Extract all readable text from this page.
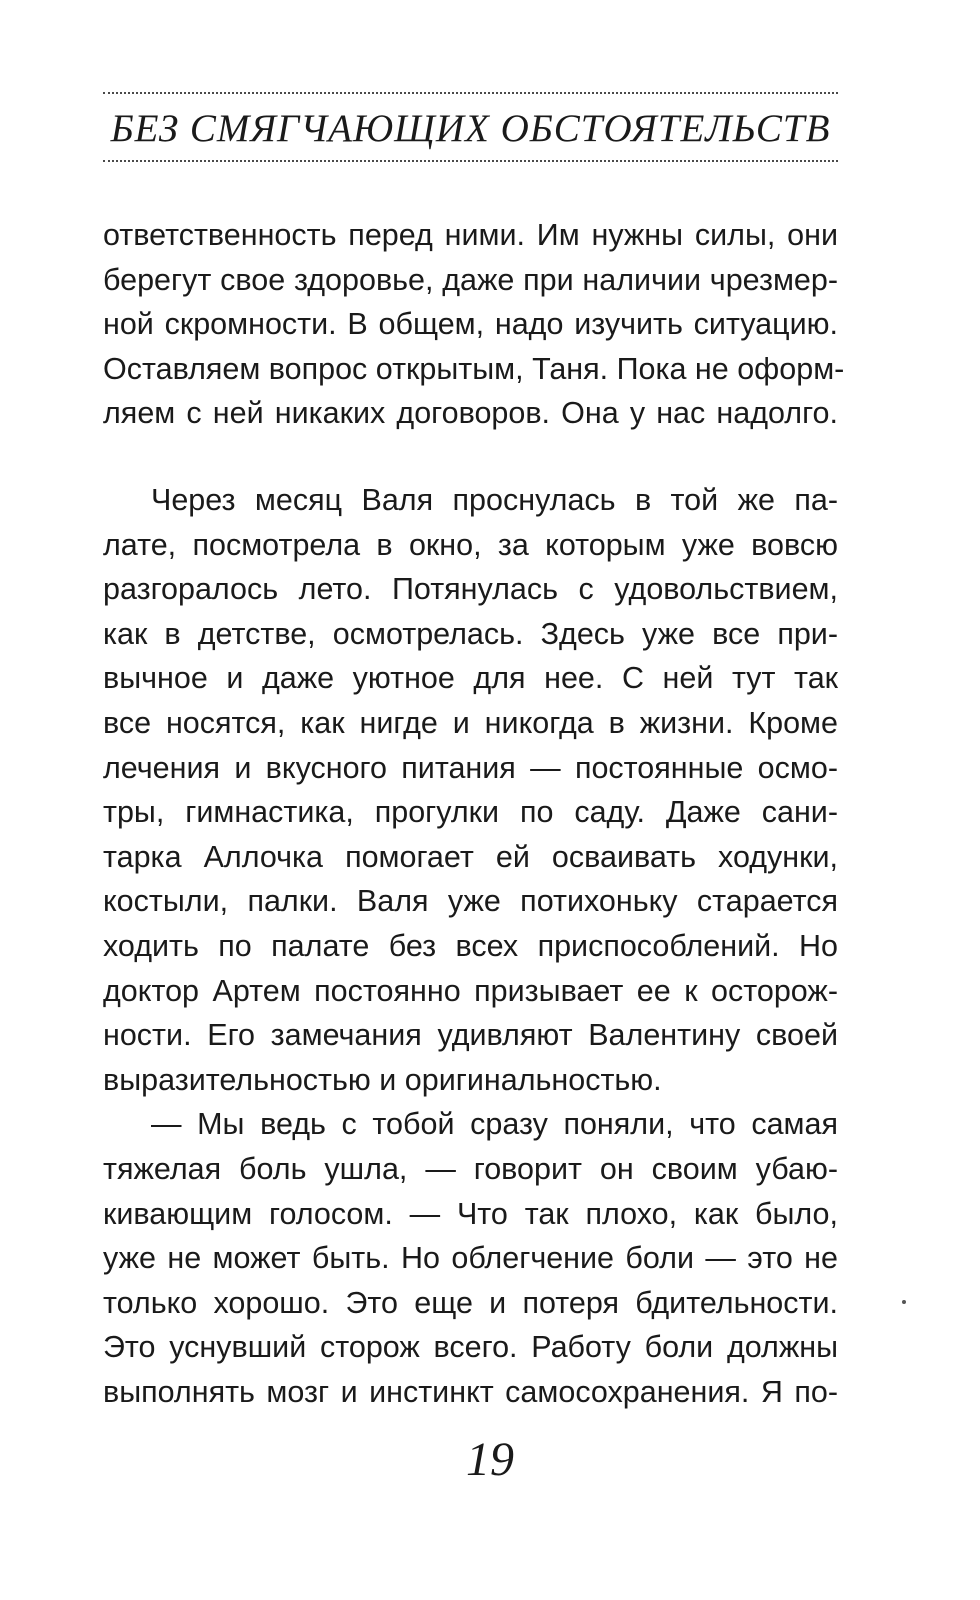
БЕЗ СМЯГЧАЮЩИХ ОБСТОЯТЕЛЬСТВ
ответственность перед ними. Им нужны силы, они
берегут свое здоровье, даже при наличии чрезмер-
ной скромности. В общем, надо изучить ситуацию.
Оставляем вопрос открытым, Таня. Пока не оформ-
ляем с ней никаких договоров. Она у нас надолго.
Через месяц Валя проснулась в той же па-
лате, посмотрела в окно, за которым уже вовсю
разгоралось лето. Потянулась с удовольствием,
как в детстве, осмотрелась. Здесь уже все при-
вычное и даже уютное для нее. С ней тут так
все носятся, как нигде и никогда в жизни. Кроме
лечения и вкусного питания — постоянные осмо-
тры, гимнастика, прогулки по саду. Даже сани-
тарка Аллочка помогает ей осваивать ходунки,
костыли, палки. Валя уже потихоньку старается
ходить по палате без всех приспособлений. Но
доктор Артем постоянно призывает ее к осторож-
ности. Его замечания удивляют Валентину своей
выразительностью и оригинальностью.
— Мы ведь с тобой сразу поняли, что самая
тяжелая боль ушла, — говорит он своим убаю-
кивающим голосом. — Что так плохо, как было,
уже не может быть. Но облегчение боли — это не
только хорошо. Это еще и потеря бдительности.
Это уснувший сторож всего. Работу боли должны
выполнять мозг и инстинкт самосохранения. Я по-
19
